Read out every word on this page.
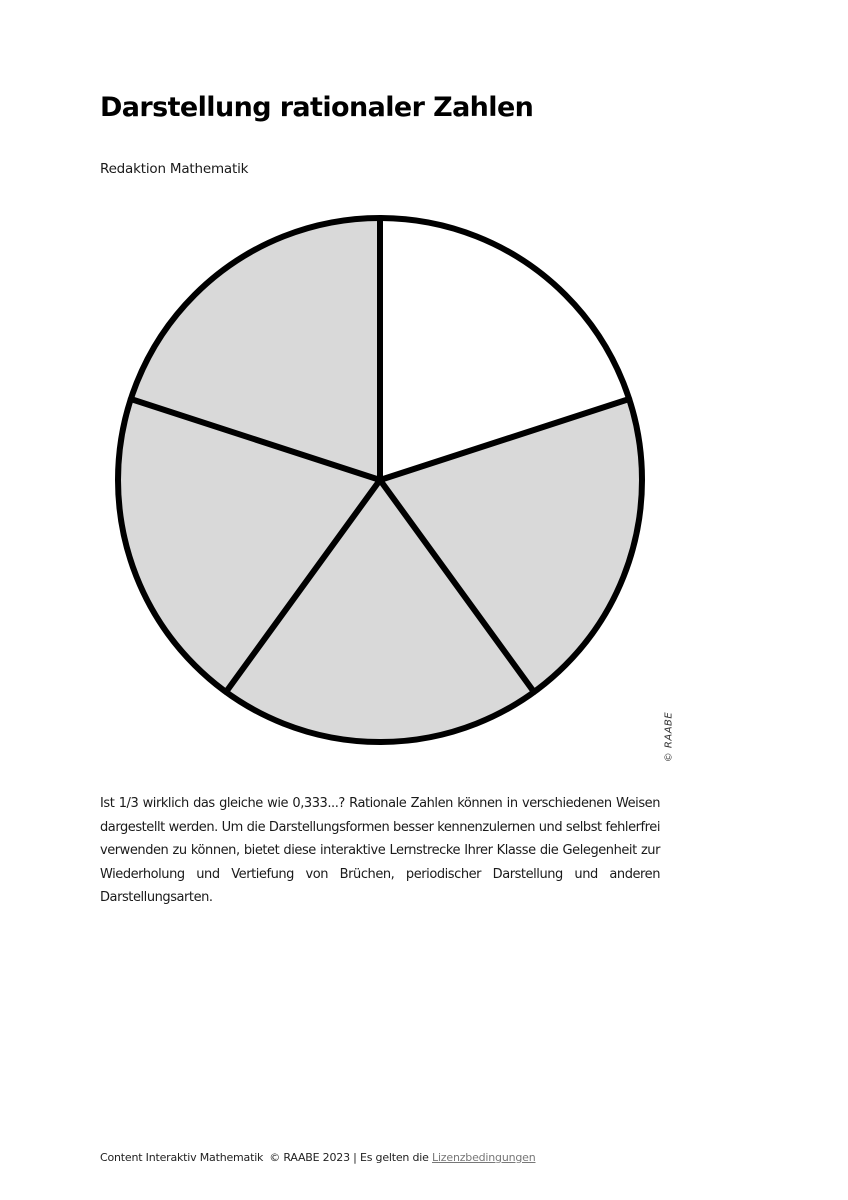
Darstellung rationaler Zahlen
Redaktion Mathematik
© RAABE

Ist 1/3 wirklich das gleiche wie 0,333...? Rationale Zahlen können in verschiedenen Weisen dargestellt werden. Um die Darstellungsformen besser kennenzulernen und selbst fehlerfrei verwenden zu können, bietet diese interaktive Lernstrecke Ihrer Klasse die Gelegenheit zur Wiederholung und Vertiefung von Brüchen, periodischer Darstellung und anderen Darstellungsarten.

Content Interaktiv Mathematik © RAABE 2023 | Es gelten die Lizenzbedingungen
